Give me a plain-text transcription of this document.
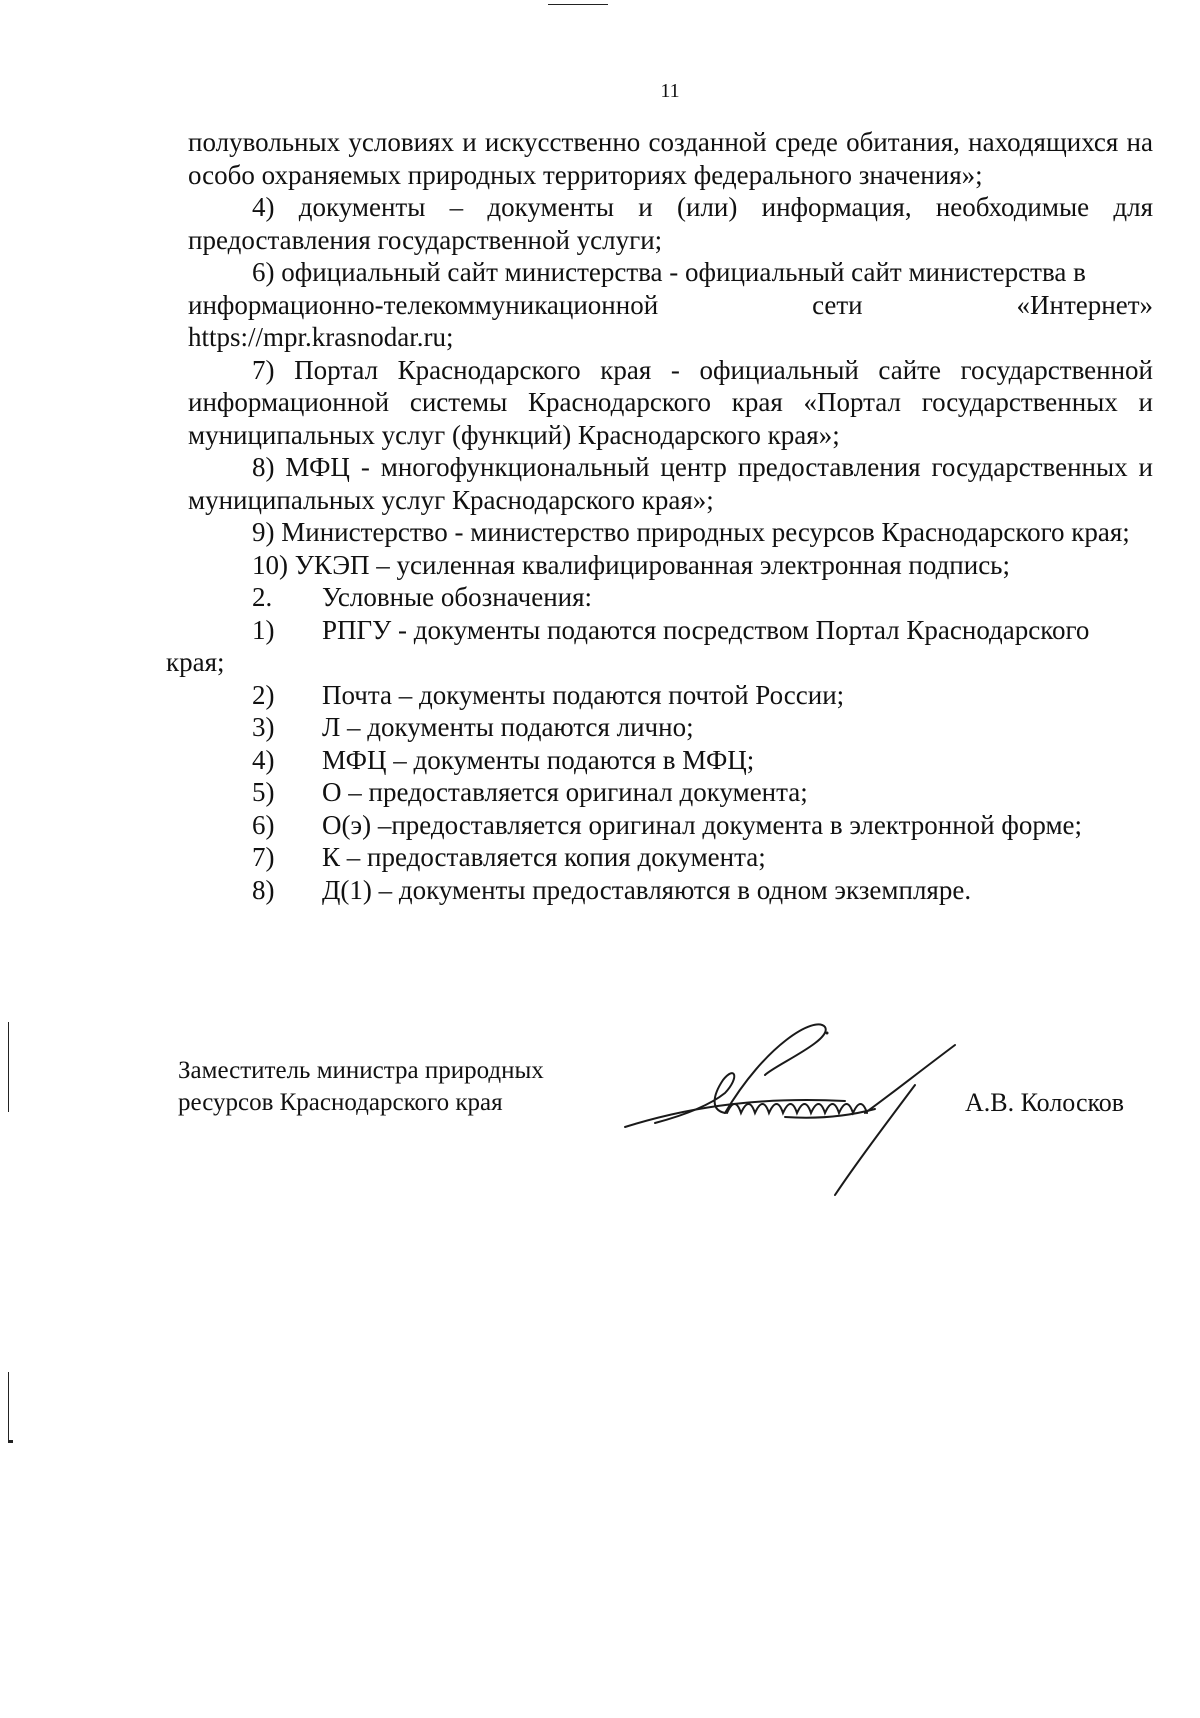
11

полувольных условиях и искусственно созданной среде обитания, находящихся на особо охраняемых природных территориях федерального значения»;

4) документы – документы и (или) информация, необходимые для предоставления государственной услуги;

6) официальный сайт министерства - официальный сайт министерства в

информационно-телекоммуникационной	сети	«Интернет»

https://mpr.krasnodar.ru;

7) Портал Краснодарского края - официальный сайте государственной информационной системы Краснодарского края «Портал государственных и муниципальных услуг (функций) Краснодарского края»;

8) МФЦ - многофункциональный центр предоставления государственных и муниципальных услуг Краснодарского края»;

9) Министерство - министерство природных ресурсов Краснодарского края;

10) УКЭП – усиленная квалифицированная электронная подпись;
2. Условные обозначения:
1) РПГУ - документы подаются посредством Портал Краснодарского
края;
2) Почта – документы подаются почтой России;
3) Л – документы подаются лично;
4) МФЦ – документы подаются в МФЦ;
5) О – предоставляется оригинал документа;
6) О(э) –предоставляется оригинал документа в электронной форме;
7) К – предоставляется копия документа;
8) Д(1) – документы предоставляются в одном экземпляре.
Заместитель министра природных
ресурсов Краснодарского края	А.В. Колосков
